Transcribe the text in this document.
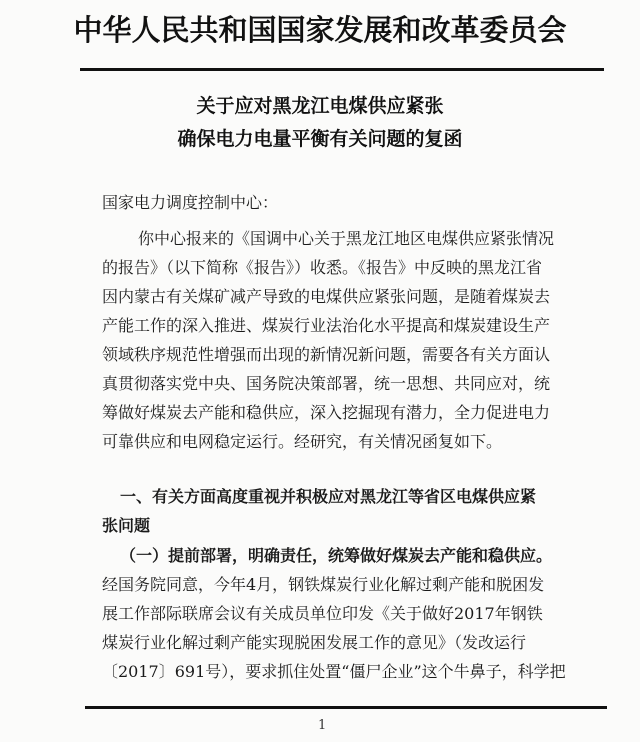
中华人民共和国国家发展和改革委员会
关于应对黑龙江电煤供应紧张
确保电力电量平衡有关问题的复函
国家电力调度控制中心：
你中心报来的《国调中心关于黑龙江地区电煤供应紧张情况
的报告》（以下简称《报告》）收悉。《报告》中反映的黑龙江省
因内蒙古有关煤矿减产导致的电煤供应紧张问题，是随着煤炭去
产能工作的深入推进、煤炭行业法治化水平提高和煤炭建设生产
领域秩序规范性增强而出现的新情况新问题，需要各有关方面认
真贯彻落实党中央、国务院决策部署，统一思想、共同应对，统
筹做好煤炭去产能和稳供应，深入挖掘现有潜力，全力促进电力
可靠供应和电网稳定运行。经研究，有关情况函复如下。
一、有关方面高度重视并积极应对黑龙江等省区电煤供应紧
张问题
（一）提前部署，明确责任，统筹做好煤炭去产能和稳供应。
经国务院同意，今年4月，钢铁煤炭行业化解过剩产能和脱困发
展工作部际联席会议有关成员单位印发《关于做好2017年钢铁
煤炭行业化解过剩产能实现脱困发展工作的意见》（发改运行
〔2017〕691号），要求抓住处置“僵尸企业”这个牛鼻子，科学把
1
